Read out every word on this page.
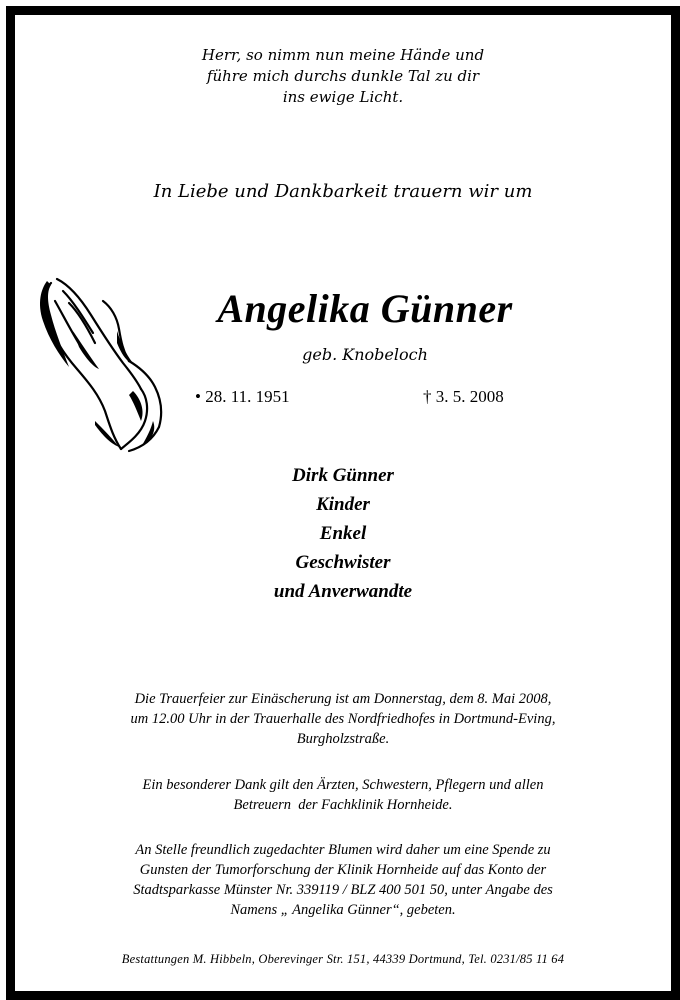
Herr, so nimm nun meine Hände und
führe mich durchs dunkle Tal zu dir
ins ewige Licht.
In Liebe und Dankbarkeit trauern wir um
Angelika Günner
geb. Knobeloch
• 28. 11. 1951	† 3. 5. 2008
Dirk Günner
Kinder
Enkel
Geschwister
und Anverwandte
Die Trauerfeier zur Einäscherung ist am Donnerstag, dem 8. Mai 2008,
um 12.00 Uhr in der Trauerhalle des Nordfriedhofes in Dortmund-Eving,
Burgholzstraße.
Ein besonderer Dank gilt den Ärzten, Schwestern, Pflegern und allen
Betreuern  der Fachklinik Hornheide.
An Stelle freundlich zugedachter Blumen wird daher um eine Spende zu
Gunsten der Tumorforschung der Klinik Hornheide auf das Konto der
Stadtsparkasse Münster Nr. 339119 / BLZ 400 501 50, unter Angabe des
Namens „ Angelika Günner“, gebeten.
Bestattungen M. Hibbeln, Oberevinger Str. 151, 44339 Dortmund, Tel. 0231/85 11 64
